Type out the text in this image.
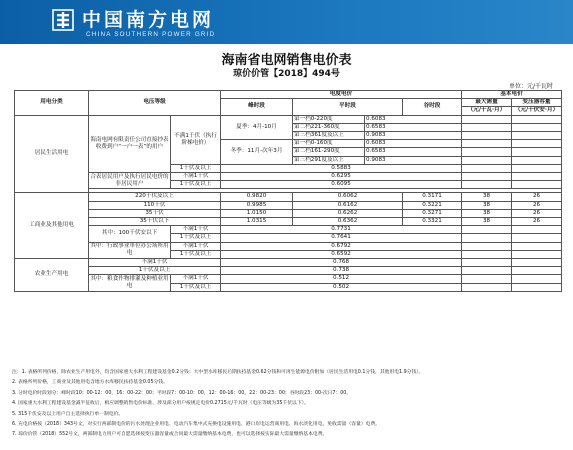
中国南方电网
CHINA SOUTHERN POWER GRID
海南省电网销售电价表
琼价价管【2018】494号
单位：元/千瓦时
用电分类	电压等级		电度电价				基本电价	
			峰时段	平时段		谷时段	最大需量	变压器容量
							（元/千瓦·月）	（元/千伏安·月）
居民生活用电	海南电网有限责任公司直接抄表收费到户“一户一表”的用户	不满1千伏（执行阶梯电价）	夏季：4月-10月	第一档0-220度	0.6083			
				第二档221-360度	0.6583			
				第三档361度及以上	0.9083			
			冬季：11月-次年3月	第一档0-160度	0.6083			
				第二档161-290度	0.6583			
				第三档291度及以上	0.9083			
		1千伏及以上	0.5883					
	合表居民用户及执行居民电价的非居民用户	不满1千伏	0.6295					
		1千伏及以上	0.6095					

工商业及其他用电	220千伏及以上		0.9820	0.6062		0.3171	38	26
	110千伏		0.9985	0.6162		0.3221	38	26
	35千伏		1.0150	0.6262		0.3271	38	26
	35千伏以下		1.0315	0.6362		0.3321	38	26
	其中：100千伏安以下	不满1千伏	0.7731					
		1千伏及以上	0.7641					
	其中：行政事业单位办公场所用电	不满1千伏	0.6792					
		1千伏及以上	0.6592					
农业生产用电	不满1千伏		0.768					
	1千伏及以上		0.738					
	其中：粮食作物排灌及种植业用电	不满1千伏	0.512					
		1千伏及以上	0.502					
注：1. 表格所列价格，除农业生产用电外，均含国家重大水利工程建设基金0.2分钱；大中型水库移民后期扶持基金0.62分钱和可再生能源电价附加（居民生活用电0.1分钱，其他用电1.9分钱）。
2. 表格所列价格，工商业及其他用电含地方水库移民扶持基金0.05分钱。
3. 分时电价时段划分：峰时段10：00-12：00，16：00-22：00；平时段7：00-10：00，12：00-16：00，22：00-23：00；谷时段23：00-次日7：00。
4. 国家重大水利工程建设基金减半征收后，相应调整销售电价标准，涉及部分用户按规定电价0.2715元/千瓦时（电压等级为35千伏以下）。
5. 315千伏安及以上用户自主选择执行单一制电价。
6. 充电价格按（2018）343号文，对实行两部制电价的污水处理企业用电、电动汽车集中式充换电设施用电、港口岸电运营商用电、海水淡化用电，免收需量（容量）电费。
7. 琼价价管（2018）552号文，两部制电力用户可自愿选择按变压器容量或合同最大需量缴纳基本电费，也可以选择按实际最大需量缴纳基本电费。
